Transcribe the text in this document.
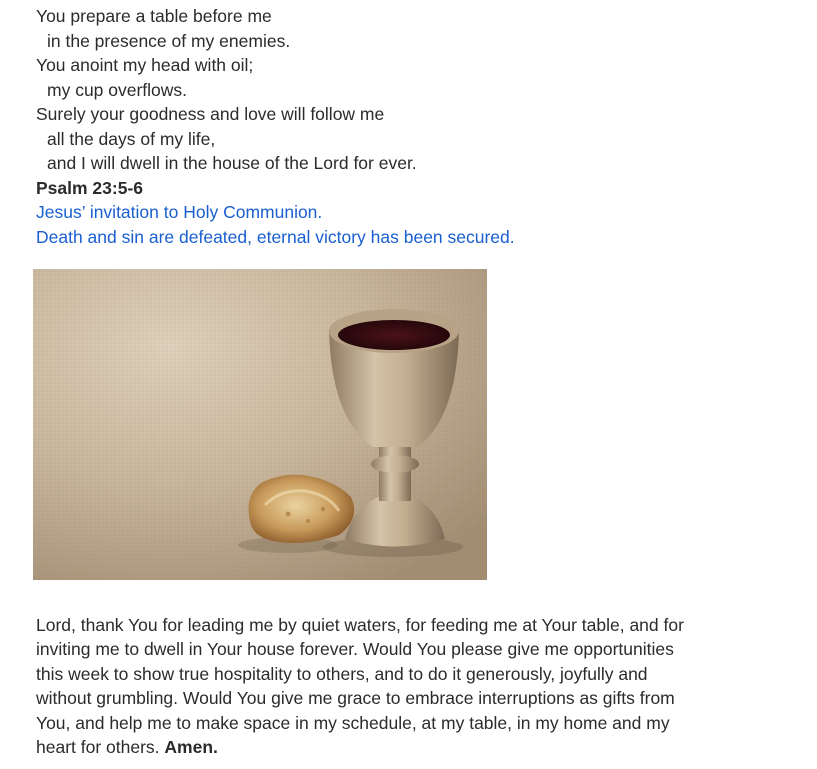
You prepare a table before me
in the presence of my enemies.
You anoint my head with oil;
my cup overflows.
Surely your goodness and love will follow me
all the days of my life,
and I will dwell in the house of the Lord for ever.
Psalm 23:5-6
Jesus’ invitation to Holy Communion.
Death and sin are defeated, eternal victory has been secured.
Lord, thank You for leading me by quiet waters, for feeding me at Your table, and for
inviting me to dwell in Your house forever. Would You please give me opportunities
this week to show true hospitality to others, and to do it generously, joyfully and
without grumbling. Would You give me grace to embrace interruptions as gifts from
You, and help me to make space in my schedule, at my table, in my home and my
heart for others. Amen.
